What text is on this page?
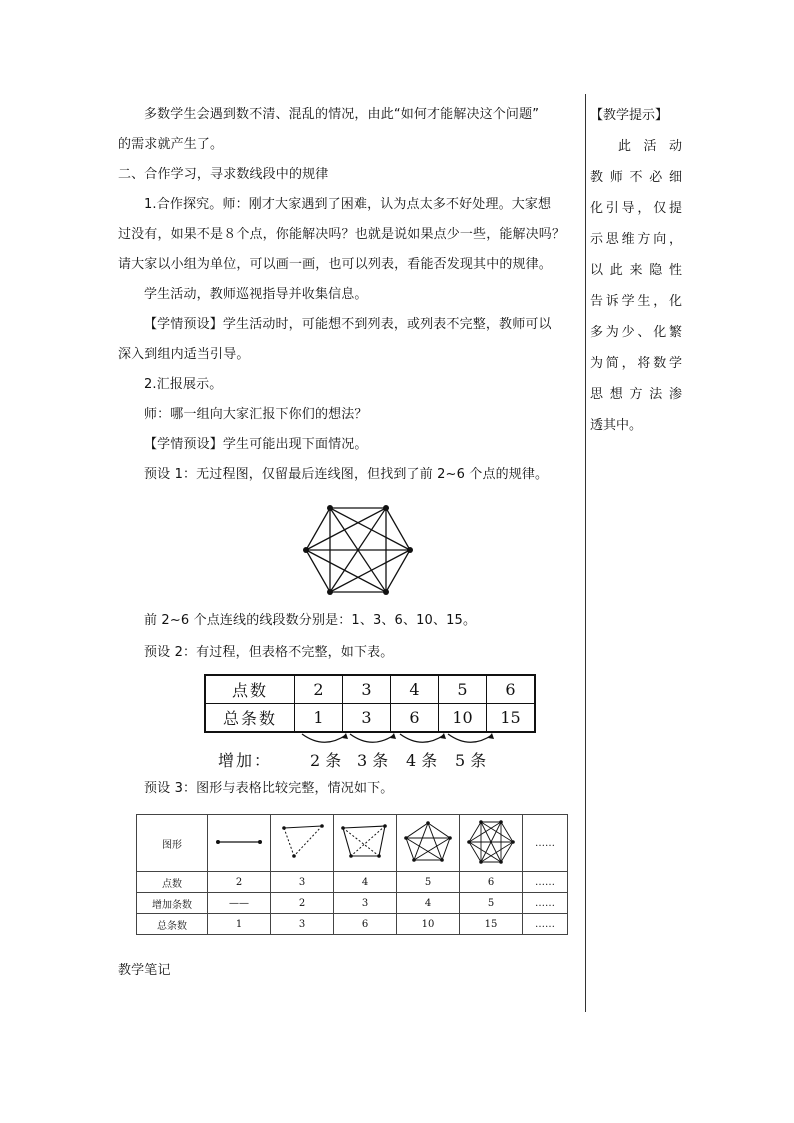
多数学生会遇到数不清、混乱的情况，由此“如何才能解决这个问题”

的需求就产生了。

二、合作学习，寻求数线段中的规律

1.合作探究。师：刚才大家遇到了困难，认为点太多不好处理。大家想

过没有，如果不是８个点，你能解决吗？也就是说如果点少一些，能解决吗？

请大家以小组为单位，可以画一画，也可以列表，看能否发现其中的规律。

学生活动，教师巡视指导并收集信息。

【学情预设】学生活动时，可能想不到列表，或列表不完整，教师可以

深入到组内适当引导。

2.汇报展示。

师：哪一组向大家汇报下你们的想法？

【学情预设】学生可能出现下面情况。

预设 1：无过程图，仅留最后连线图，但找到了前 2~6 个点的规律。

前 2~6 个点连线的线段数分别是：1、3、6、10、15。

预设 2：有过程，但表格不完整，如下表。

点数	2	3	4	5	6
总条数	1	3	6	10	15
增加： 2 条 3 条 4 条 5 条

预设 3：图形与表格比较完整，情况如下。

图形						……
点数	2	3	4	5	6	……
增加条数	——	2	3	4	5	……
总条数	1	3	6	10	15	……

教学笔记

【教学提示】
此 活 动
教师不必细
化引导，仅提
示思维方向，
以此来隐性
告诉学生，化
多为少、化繁
为简，将数学
思想方法渗
透其中。
